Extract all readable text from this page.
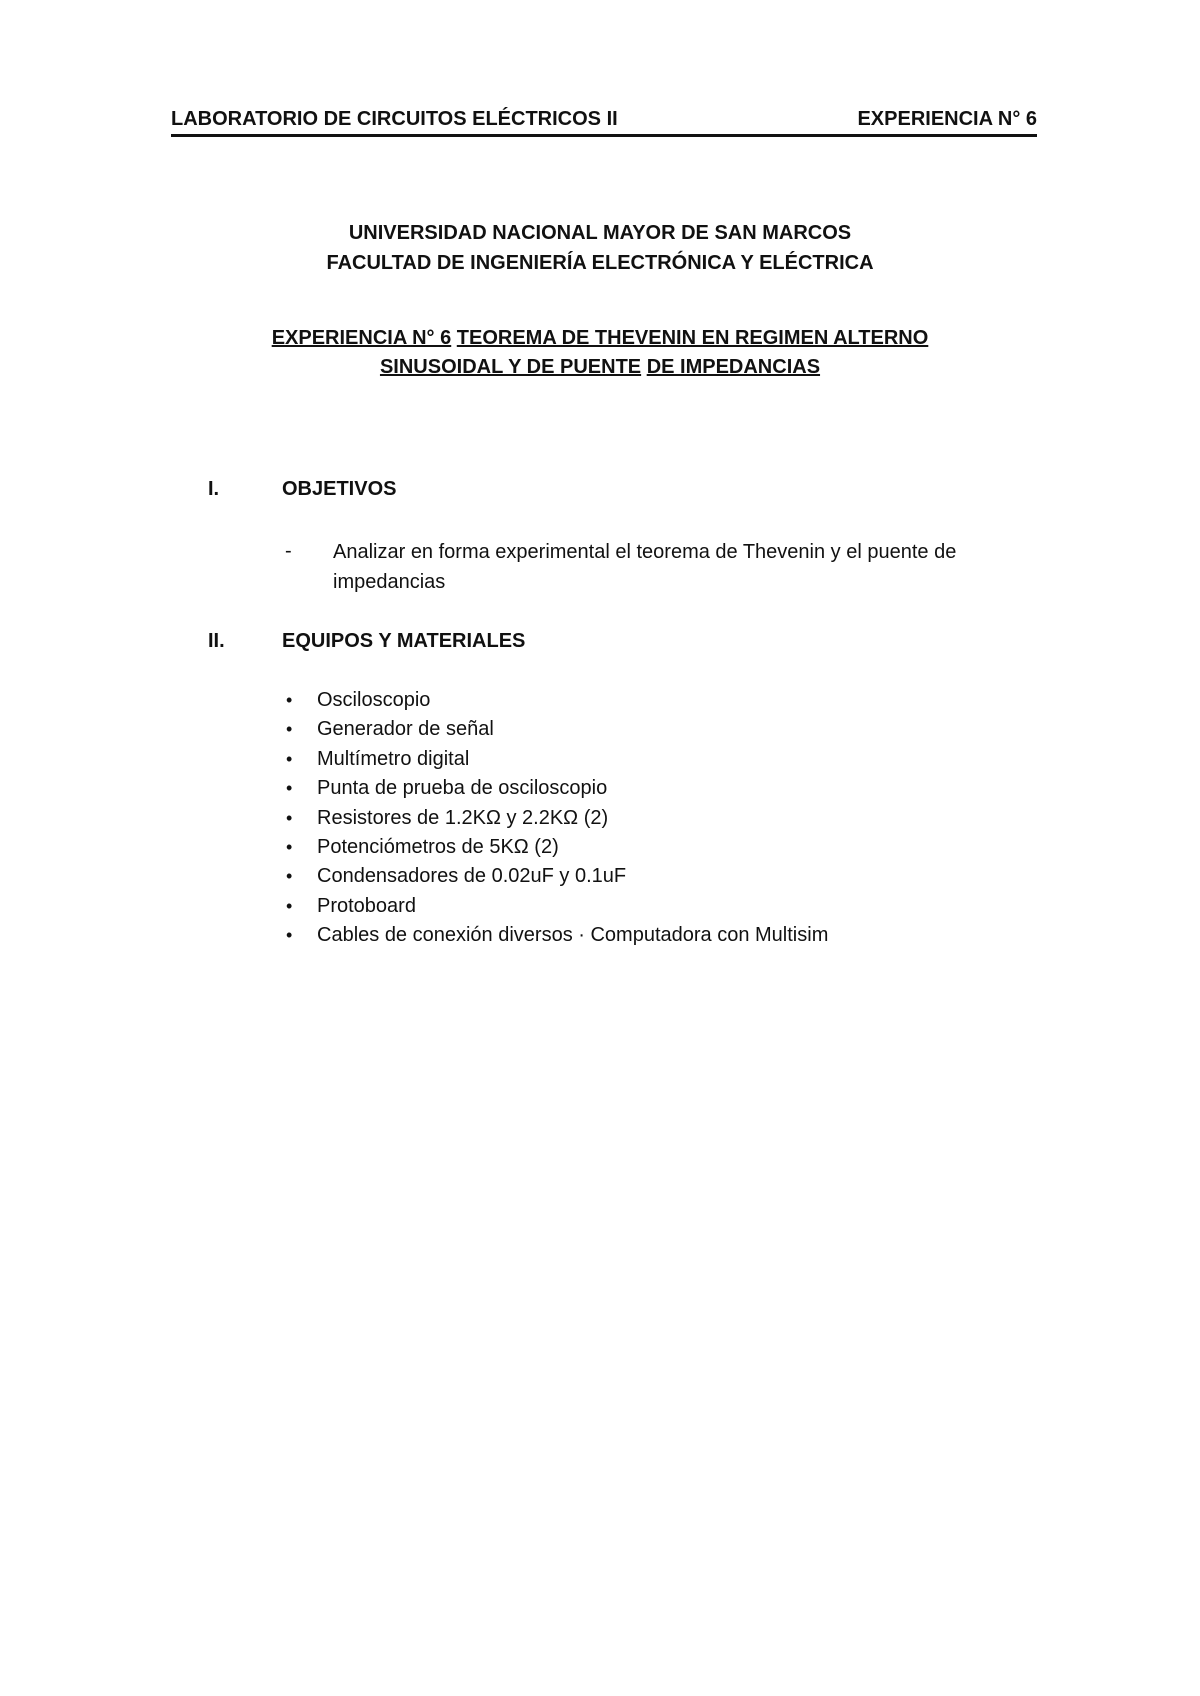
LABORATORIO DE CIRCUITOS ELÉCTRICOS II	EXPERIENCIA N° 6
UNIVERSIDAD NACIONAL MAYOR DE SAN MARCOS
FACULTAD DE INGENIERÍA ELECTRÓNICA Y ELÉCTRICA
EXPERIENCIA N° 6 TEOREMA DE THEVENIN EN REGIMEN ALTERNO
SINUSOIDAL Y DE PUENTE DE IMPEDANCIAS
I.	OBJETIVOS
- Analizar en forma experimental el teorema de Thevenin y el puente de impedancias
II.	EQUIPOS Y MATERIALES
• Osciloscopio
• Generador de señal
• Multímetro digital
• Punta de prueba de osciloscopio
• Resistores de 1.2KΩ y 2.2KΩ (2)
• Potenciómetros de 5KΩ (2)
• Condensadores de 0.02uF y 0.1uF
• Protoboard
• Cables de conexión diversos · Computadora con Multisim
